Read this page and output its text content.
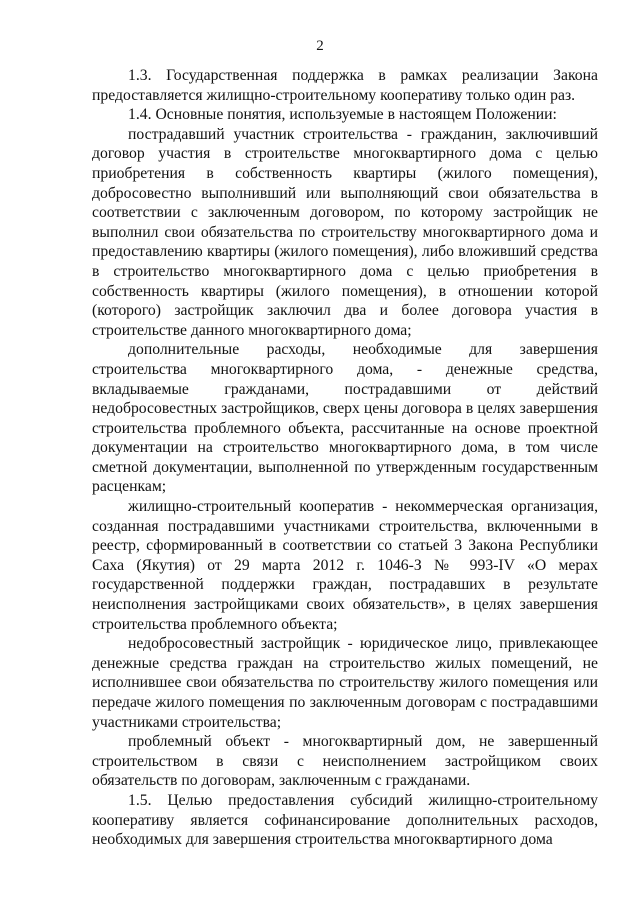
2

1.3. Государственная поддержка в рамках реализации Закона предоставляется жилищно-строительному кооперативу только один раз.

1.4. Основные понятия, используемые в настоящем Положении:

пострадавший участник строительства - гражданин, заключивший договор участия в строительстве многоквартирного дома с целью приобретения в собственность квартиры (жилого помещения), добросовестно выполнивший или выполняющий свои обязательства в соответствии с заключенным договором, по которому застройщик не выполнил свои обязательства по строительству многоквартирного дома и предоставлению квартиры (жилого помещения), либо вложивший средства в строительство многоквартирного дома с целью приобретения в собственность квартиры (жилого помещения), в отношении которой (которого) застройщик заключил два и более договора участия в строительстве данного многоквартирного дома;

дополнительные расходы, необходимые для завершения строительства многоквартирного дома, - денежные средства, вкладываемые гражданами, пострадавшими от действий недобросовестных застройщиков, сверх цены договора в целях завершения строительства проблемного объекта, рассчитанные на основе проектной документации на строительство многоквартирного дома, в том числе сметной документации, выполненной по утвержденным государственным расценкам;

жилищно-строительный кооператив - некоммерческая организация, созданная пострадавшими участниками строительства, включенными в реестр, сформированный в соответствии со статьей 3 Закона Республики Саха (Якутия) от 29 марта 2012 г. 1046-З № 993-IV «О мерах государственной поддержки граждан, пострадавших в результате неисполнения застройщиками своих обязательств», в целях завершения строительства проблемного объекта;

недобросовестный застройщик - юридическое лицо, привлекающее денежные средства граждан на строительство жилых помещений, не исполнившее свои обязательства по строительству жилого помещения или передаче жилого помещения по заключенным договорам с пострадавшими участниками строительства;

проблемный объект - многоквартирный дом, не завершенный строительством в связи с неисполнением застройщиком своих обязательств по договорам, заключенным с гражданами.

1.5. Целью предоставления субсидий жилищно-строительному кооперативу является софинансирование дополнительных расходов, необходимых для завершения строительства многоквартирного дома
